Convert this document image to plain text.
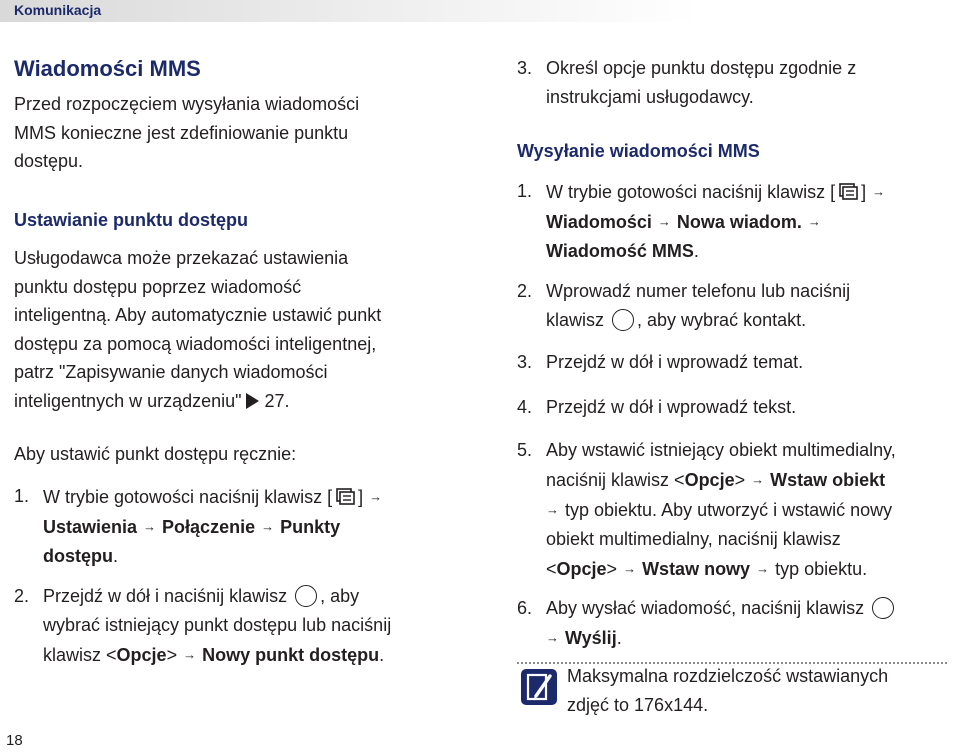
Komunikacja
Wiadomości MMS
Przed rozpoczęciem wysyłania wiadomości
MMS konieczne jest zdefiniowanie punktu
dostępu.
Ustawianie punktu dostępu
Usługodawca może przekazać ustawienia
punktu dostępu poprzez wiadomość
inteligentną. Aby automatycznie ustawić punkt
dostępu za pomocą wiadomości inteligentnej,
patrz "Zapisywanie danych wiadomości
inteligentnych w urządzeniu" 27.
Aby ustawić punkt dostępu ręcznie:
1. W trybie gotowości naciśnij klawisz [ ] →
Ustawienia → Połączenie → Punkty
dostępu.
2. Przejdź w dół i naciśnij klawisz , aby
wybrać istniejący punkt dostępu lub naciśnij
klawisz <Opcje> → Nowy punkt dostępu.
3. Określ opcje punktu dostępu zgodnie z
instrukcjami usługodawcy.
Wysyłanie wiadomości MMS
1. W trybie gotowości naciśnij klawisz [ ] →
Wiadomości → Nowa wiadom. →
Wiadomość MMS.
2. Wprowadź numer telefonu lub naciśnij
klawisz , aby wybrać kontakt.
3. Przejdź w dół i wprowadź temat.
4. Przejdź w dół i wprowadź tekst.
5. Aby wstawić istniejący obiekt multimedialny,
naciśnij klawisz <Opcje> → Wstaw obiekt
→ typ obiektu. Aby utworzyć i wstawić nowy
obiekt multimedialny, naciśnij klawisz
<Opcje> → Wstaw nowy → typ obiektu.
6. Aby wysłać wiadomość, naciśnij klawisz
→ Wyślij.
Maksymalna rozdzielczość wstawianych
zdjęć to 176x144.
18
